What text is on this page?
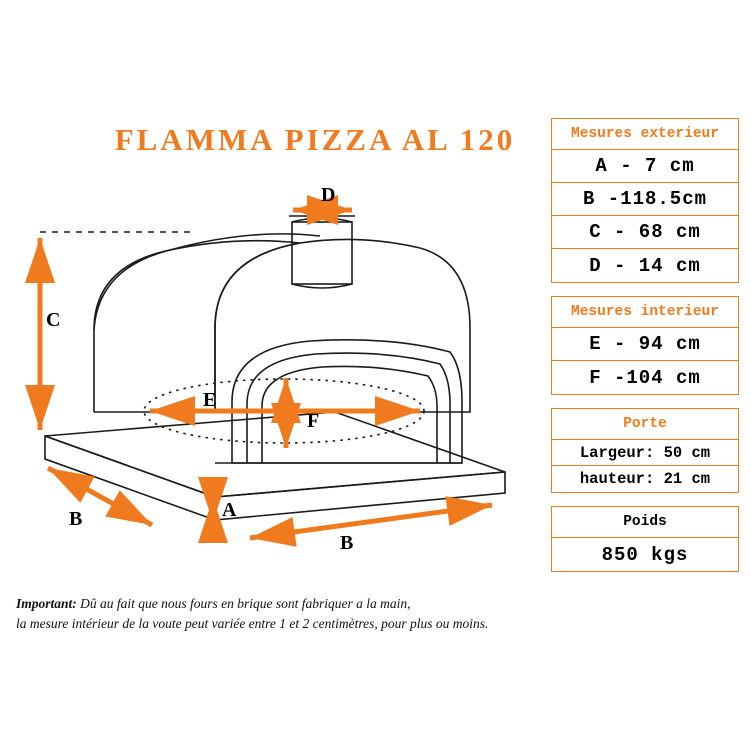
FLAMMA PIZZA AL 120
C
B
B
D
E
F
A
Important: Dû au fait que nous fours en brique sont fabriquer a la main,
la mesure intérieur de la voute peut variée entre 1 et 2 centimètres, pour plus ou moins.
Mesures exterieur
A - 7 cm
B -118.5cm
C - 68 cm
D - 14 cm
Mesures interieur
E - 94 cm
F -104 cm
Porte
Largeur: 50 cm
hauteur: 21 cm
Poids
850 kgs
